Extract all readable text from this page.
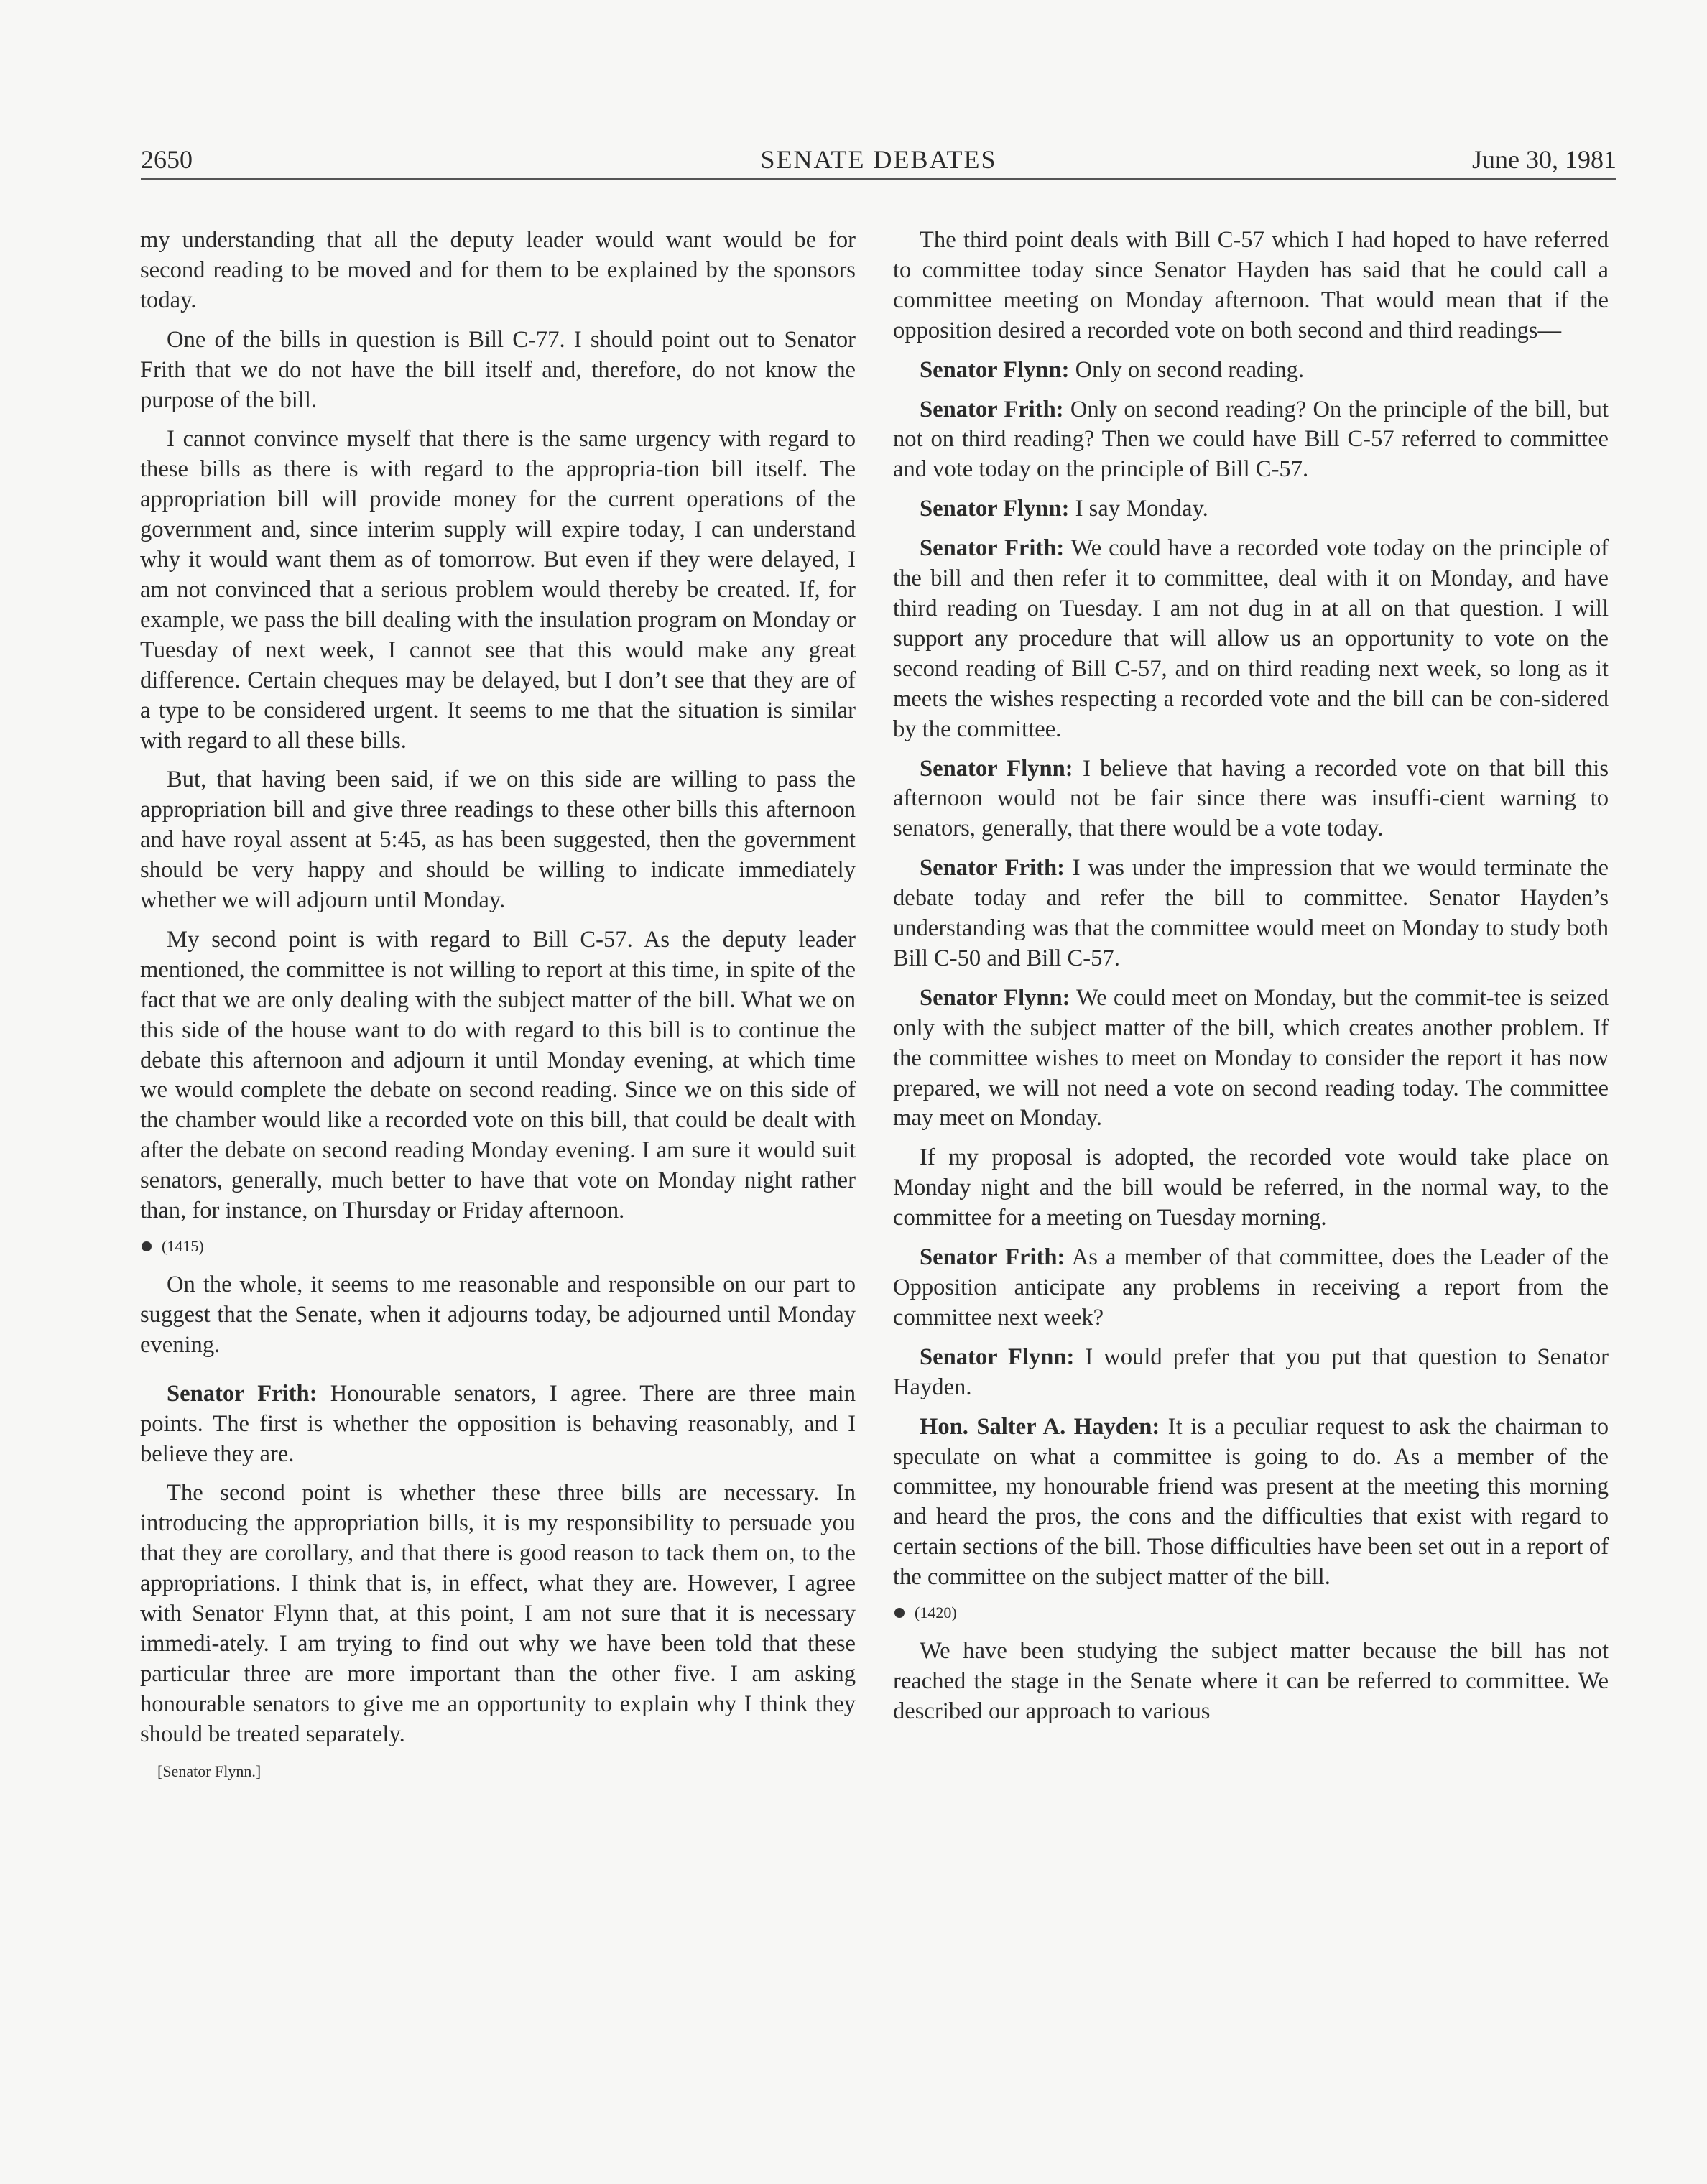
SENATE DEBATES
2650	June 30, 1981

my understanding that all the deputy leader would want would be for second reading to be moved and for them to be explained by the sponsors today.

One of the bills in question is Bill C-77. I should point out to Senator Frith that we do not have the bill itself and, therefore, do not know the purpose of the bill.

I cannot convince myself that there is the same urgency with regard to these bills as there is with regard to the appropria-tion bill itself. The appropriation bill will provide money for the current operations of the government and, since interim supply will expire today, I can understand why it would want them as of tomorrow. But even if they were delayed, I am not convinced that a serious problem would thereby be created. If, for example, we pass the bill dealing with the insulation program on Monday or Tuesday of next week, I cannot see that this would make any great difference. Certain cheques may be delayed, but I don’t see that they are of a type to be considered urgent. It seems to me that the situation is similar with regard to all these bills.

But, that having been said, if we on this side are willing to pass the appropriation bill and give three readings to these other bills this afternoon and have royal assent at 5:45, as has been suggested, then the government should be very happy and should be willing to indicate immediately whether we will adjourn until Monday.

My second point is with regard to Bill C-57. As the deputy leader mentioned, the committee is not willing to report at this time, in spite of the fact that we are only dealing with the subject matter of the bill. What we on this side of the house want to do with regard to this bill is to continue the debate this afternoon and adjourn it until Monday evening, at which time we would complete the debate on second reading. Since we on this side of the chamber would like a recorded vote on this bill, that could be dealt with after the debate on second reading Monday evening. I am sure it would suit senators, generally, much better to have that vote on Monday night rather than, for instance, on Thursday or Friday afternoon.

(1415)

On the whole, it seems to me reasonable and responsible on our part to suggest that the Senate, when it adjourns today, be adjourned until Monday evening.

Senator Frith: Honourable senators, I agree. There are three main points. The first is whether the opposition is behaving reasonably, and I believe they are.

The second point is whether these three bills are necessary. In introducing the appropriation bills, it is my responsibility to persuade you that they are corollary, and that there is good reason to tack them on, to the appropriations. I think that is, in effect, what they are. However, I agree with Senator Flynn that, at this point, I am not sure that it is necessary immedi-ately. I am trying to find out why we have been told that these particular three are more important than the other five. I am asking honourable senators to give me an opportunity to explain why I think they should be treated separately.

[Senator Flynn.]

The third point deals with Bill C-57 which I had hoped to have referred to committee today since Senator Hayden has said that he could call a committee meeting on Monday afternoon. That would mean that if the opposition desired a recorded vote on both second and third readings—

Senator Flynn: Only on second reading.

Senator Frith: Only on second reading? On the principle of the bill, but not on third reading? Then we could have Bill C-57 referred to committee and vote today on the principle of Bill C-57.

Senator Flynn: I say Monday.

Senator Frith: We could have a recorded vote today on the principle of the bill and then refer it to committee, deal with it on Monday, and have third reading on Tuesday. I am not dug in at all on that question. I will support any procedure that will allow us an opportunity to vote on the second reading of Bill C-57, and on third reading next week, so long as it meets the wishes respecting a recorded vote and the bill can be con-sidered by the committee.

Senator Flynn: I believe that having a recorded vote on that bill this afternoon would not be fair since there was insuffi-cient warning to senators, generally, that there would be a vote today.

Senator Frith: I was under the impression that we would terminate the debate today and refer the bill to committee. Senator Hayden’s understanding was that the committee would meet on Monday to study both Bill C-50 and Bill C-57.

Senator Flynn: We could meet on Monday, but the commit-tee is seized only with the subject matter of the bill, which creates another problem. If the committee wishes to meet on Monday to consider the report it has now prepared, we will not need a vote on second reading today. The committee may meet on Monday.

If my proposal is adopted, the recorded vote would take place on Monday night and the bill would be referred, in the normal way, to the committee for a meeting on Tuesday morning.

Senator Frith: As a member of that committee, does the Leader of the Opposition anticipate any problems in receiving a report from the committee next week?

Senator Flynn: I would prefer that you put that question to Senator Hayden.

Hon. Salter A. Hayden: It is a peculiar request to ask the chairman to speculate on what a committee is going to do. As a member of the committee, my honourable friend was present at the meeting this morning and heard the pros, the cons and the difficulties that exist with regard to certain sections of the bill. Those difficulties have been set out in a report of the committee on the subject matter of the bill.

(1420)

We have been studying the subject matter because the bill has not reached the stage in the Senate where it can be referred to committee. We described our approach to various
